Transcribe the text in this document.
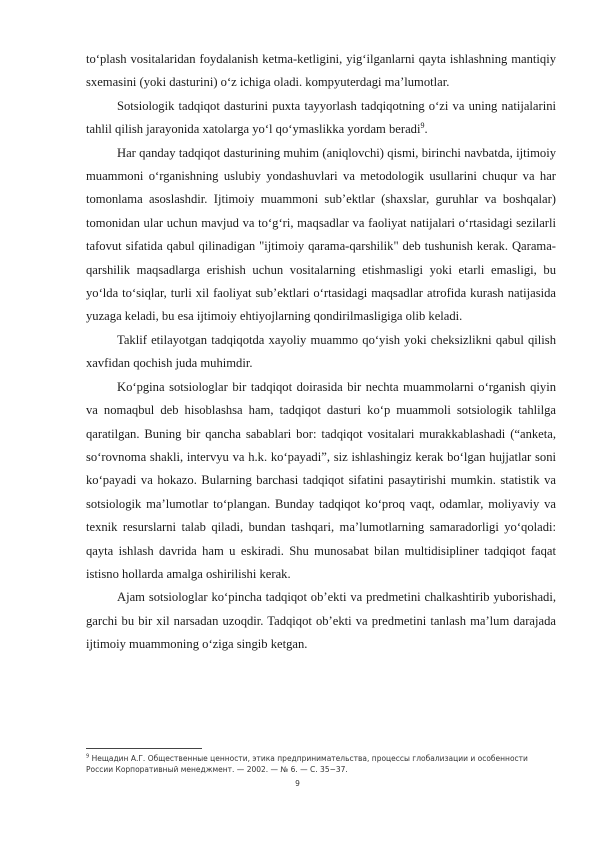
to‘plash vositalaridan foydalanish ketma-ketligini, yig‘ilganlarni qayta ishlashning mantiqiy sxemasini (yoki dasturini) o‘z ichiga oladi. kompyuterdagi ma’lumotlar.

Sotsiologik tadqiqot dasturini puxta tayyorlash tadqiqotning o‘zi va uning natijalarini tahlil qilish jarayonida xatolarga yo‘l qo‘ymaslikka yordam beradi$^9$.

Har qanday tadqiqot dasturining muhim (aniqlovchi) qismi, birinchi navbatda, ijtimoiy muammoni o‘rganishning uslubiy yondashuvlari va metodologik usullarini chuqur va har tomonlama asoslashdir. Ijtimoiy muammoni sub’ektlar (shaxslar, guruhlar va boshqalar) tomonidan ular uchun mavjud va to‘g‘ri, maqsadlar va faoliyat natijalari o‘rtasidagi sezilarli tafovut sifatida qabul qilinadigan "ijtimoiy qarama-qarshilik" deb tushunish kerak. Qarama-qarshilik maqsadlarga erishish uchun vositalarning etishmasligi yoki etarli emasligi, bu yo‘lda to‘siqlar, turli xil faoliyat sub’ektlari o‘rtasidagi maqsadlar atrofida kurash natijasida yuzaga keladi, bu esa ijtimoiy ehtiyojlarning qondirilmasligiga olib keladi.

Taklif etilayotgan tadqiqotda xayoliy muammo qo‘yish yoki cheksizlikni qabul qilish xavfidan qochish juda muhimdir.

Ko‘pgina sotsiologlar bir tadqiqot doirasida bir nechta muammolarni o‘rganish qiyin va nomaqbul deb hisoblashsa ham, tadqiqot dasturi ko‘p muammoli sotsiologik tahlilga qaratilgan. Buning bir qancha sabablari bor: tadqiqot vositalari murakkablashadi (“anketa, so‘rovnoma shakli, intervyu va h.k. ko‘payadi”, siz ishlashingiz kerak bo‘lgan hujjatlar soni ko‘payadi va hokazo. Bularning barchasi tadqiqot sifatini pasaytirishi mumkin. statistik va sotsiologik ma’lumotlar to‘plangan. Bunday tadqiqot ko‘proq vaqt, odamlar, moliyaviy va texnik resurslarni talab qiladi, bundan tashqari, ma’lumotlarning samaradorligi yo‘qoladi: qayta ishlash davrida ham u eskiradi. Shu munosabat bilan multidisipliner tadqiqot faqat istisno hollarda amalga oshirilishi kerak.

Ajam sotsiologlar ko‘pincha tadqiqot ob’ekti va predmetini chalkashtirib yuborishadi, garchi bu bir xil narsadan uzoqdir. Tadqiqot ob’ekti va predmetini tanlash ma’lum darajada ijtimoiy muammoning o‘ziga singib ketgan.

$^9$ Нещадин А.Г. Общественные ценности, этика предпринимательства, процессы глобализации и особенности России Корпоративный менеджмент. — 2002. — № 6. — С. 35−37.
9
